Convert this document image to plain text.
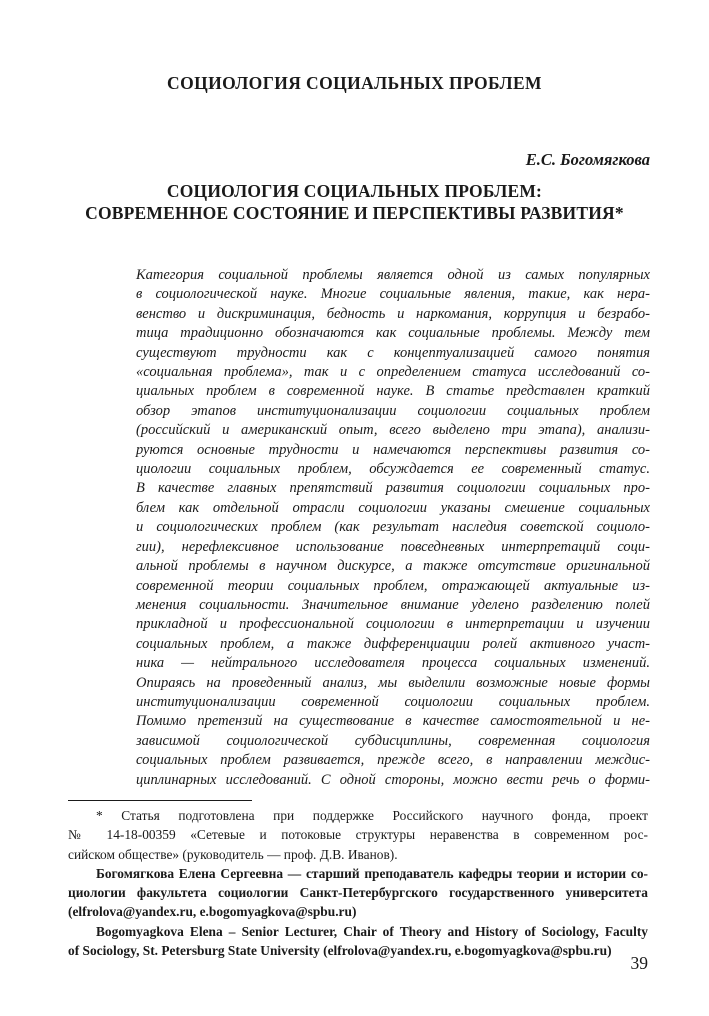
СОЦИОЛОГИЯ СОЦИАЛЬНЫХ ПРОБЛЕМ
Е.С. Богомягкова
СОЦИОЛОГИЯ СОЦИАЛЬНЫХ ПРОБЛЕМ:
СОВРЕМЕННОЕ СОСТОЯНИЕ И ПЕРСПЕКТИВЫ РАЗВИТИЯ*
Категория социальной проблемы является одной из самых популярных
в социологической науке. Многие социальные явления, такие, как нера-
венство и дискриминация, бедность и наркомания, коррупция и безрабо-
тица традиционно обозначаются как социальные проблемы. Между тем
существуют трудности как с концептуализацией самого понятия
«социальная проблема», так и с определением статуса исследований со-
циальных проблем в современной науке. В статье представлен краткий
обзор этапов институционализации социологии социальных проблем
(российский и американский опыт, всего выделено три этапа), анализи-
руются основные трудности и намечаются перспективы развития со-
циологии социальных проблем, обсуждается ее современный статус.
В качестве главных препятствий развития социологии социальных про-
блем как отдельной отрасли социологии указаны смешение социальных
и социологических проблем (как результат наследия советской социоло-
гии), нерефлексивное использование повседневных интерпретаций соци-
альной проблемы в научном дискурсе, а также отсутствие оригинальной
современной теории социальных проблем, отражающей актуальные из-
менения социальности. Значительное внимание уделено разделению полей
прикладной и профессиональной социологии в интерпретации и изучении
социальных проблем, а также дифференциации ролей активного участ-
ника — нейтрального исследователя процесса социальных изменений.
Опираясь на проведенный анализ, мы выделили возможные новые формы
институционализации современной социологии социальных проблем.
Помимо претензий на существование в качестве самостоятельной и не-
зависимой социологической субдисциплины, современная социология
социальных проблем развивается, прежде всего, в направлении междис-
циплинарных исследований. С одной стороны, можно вести речь о форми-
* Статья подготовлена при поддержке Российского научного фонда, проект
№ 14-18-00359 «Сетевые и потоковые структуры неравенства в современном рос-
сийском обществе» (руководитель — проф. Д.В. Иванов).
Богомягкова Елена Сергеевна — старший преподаватель кафедры теории и истории со-
циологии факультета социологии Санкт-Петербургского государственного университета
(elfrolova@yandex.ru, e.bogomyagkova@spbu.ru)
Bogomyagkova Elena – Senior Lecturer, Chair of Theory and History of Sociology, Faculty
of Sociology, St. Petersburg State University (elfrolova@yandex.ru, e.bogomyagkova@spbu.ru)
39
